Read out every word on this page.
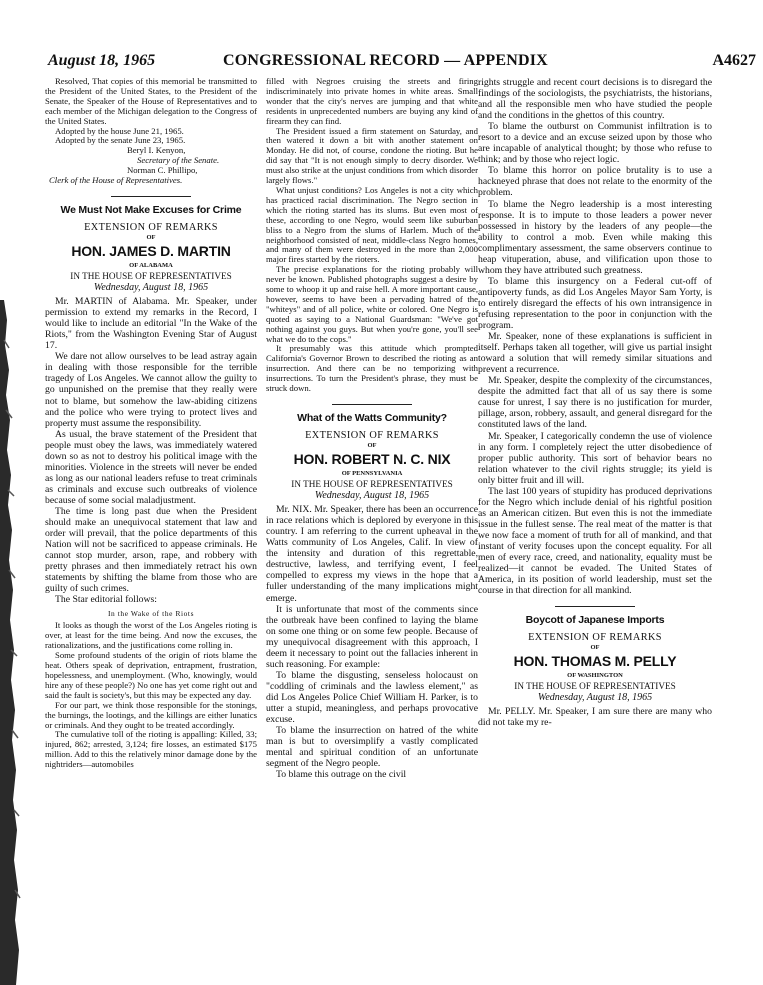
August 18, 1965	CONGRESSIONAL RECORD — APPENDIX	A4627

Resolved, That copies of this memorial be transmitted to the President of the United States, to the President of the Senate, the Speaker of the House of Representatives and to each member of the Michigan delegation to the Congress of the United States.

Adopted by the house June 21, 1965.

Adopted by the senate June 23, 1965.

Beryl I. Kenyon,

Secretary of the Senate.

Norman C. Phillipo,

Clerk of the House of Representatives.

We Must Not Make Excuses for Crime
EXTENSION OF REMARKS
OF
HON. JAMES D. MARTIN
OF ALABAMA
IN THE HOUSE OF REPRESENTATIVES
Wednesday, August 18, 1965

Mr. MARTIN of Alabama. Mr. Speaker, under permission to extend my remarks in the Record, I would like to include an editorial "In the Wake of the Riots," from the Washington Evening Star of August 17.

We dare not allow ourselves to be lead astray again in dealing with those responsible for the terrible tragedy of Los Angeles. We cannot allow the guilty to go unpunished on the premise that they really were not to blame, but somehow the law-abiding citizens and the police who were trying to protect lives and property must assume the responsibility.

As usual, the brave statement of the President that people must obey the laws, was immediately watered down so as not to destroy his political image with the minorities. Violence in the streets will never be ended as long as our national leaders refuse to treat criminals as criminals and excuse such outbreaks of violence because of some social maladjustment.

The time is long past due when the President should make an unequivocal statement that law and order will prevail, that the police departments of this Nation will not be sacrificed to appease criminals. He cannot stop murder, arson, rape, and robbery with pretty phrases and then immediately retract his own statements by shifting the blame from those who are guilty of such crimes.

The Star editorial follows:

In the Wake of the Riots

It looks as though the worst of the Los Angeles rioting is over, at least for the time being. And now the excuses, the rationalizations, and the justifications come rolling in.

Some profound students of the origin of riots blame the heat. Others speak of deprivation, entrapment, frustration, hopelessness, and unemployment. (Who, knowingly, would hire any of these people?) No one has yet come right out and said the fault is society's, but this may be expected any day.

For our part, we think those responsible for the stonings, the burnings, the lootings, and the killings are either lunatics or criminals. And they ought to be treated accordingly.

The cumulative toll of the rioting is appalling: Killed, 33; injured, 862; arrested, 3,124; fire losses, an estimated $175 million. Add to this the relatively minor damage done by the nightriders—automobiles

filled with Negroes cruising the streets and firing indiscriminately into private homes in white areas. Small wonder that the city's nerves are jumping and that white residents in unprecedented numbers are buying any kind of firearm they can find.

The President issued a firm statement on Saturday, and then watered it down a bit with another statement on Monday. He did not, of course, condone the rioting. But he did say that "It is not enough simply to decry disorder. We must also strike at the unjust conditions from which disorder largely flows."

What unjust conditions? Los Angeles is not a city which has practiced racial discrimination. The Negro section in which the rioting started has its slums. But even most of these, according to one Negro, would seem like suburban bliss to a Negro from the slums of Harlem. Much of the neighborhood consisted of neat, middle-class Negro homes, and many of them were destroyed in the more than 2,000 major fires started by the rioters.

The precise explanations for the rioting probably will never be known. Published photographs suggest a desire by some to whoop it up and raise hell. A more important cause, however, seems to have been a pervading hatred of the "whiteys" and of all police, white or colored. One Negro is quoted as saying to a National Guardsman: "We've got nothing against you guys. But when you're gone, you'll see what we do to the cops."

It presumably was this attitude which prompted California's Governor Brown to described the rioting as an insurrection. And there can be no temporizing with insurrections. To turn the President's phrase, they must be struck down.

What of the Watts Community?
EXTENSION OF REMARKS
OF
HON. ROBERT N. C. NIX
OF PENNSYLVANIA
IN THE HOUSE OF REPRESENTATIVES
Wednesday, August 18, 1965

Mr. NIX. Mr. Speaker, there has been an occurrence in race relations which is deplored by everyone in this country. I am referring to the current upheaval in the Watts community of Los Angeles, Calif. In view of the intensity and duration of this regrettable, destructive, lawless, and terrifying event, I feel compelled to express my views in the hope that a fuller understanding of the many implications might emerge.

It is unfortunate that most of the comments since the outbreak have been confined to laying the blame on some one thing or on some few people. Because of my unequivocal disagreement with this approach, I deem it necessary to point out the fallacies inherent in such reasoning. For example:

To blame the disgusting, senseless holocaust on "coddling of criminals and the lawless element," as did Los Angeles Police Chief William H. Parker, is to utter a stupid, meaningless, and perhaps provocative excuse.

To blame the insurrection on hatred of the white man is but to oversimplify a vastly complicated mental and spiritual condition of an unfortunate segment of the Negro people.

To blame this outrage on the civil

rights struggle and recent court decisions is to disregard the findings of the sociologists, the psychiatrists, the historians, and all the responsible men who have studied the people and the conditions in the ghettos of this country.

To blame the outburst on Communist infiltration is to resort to a device and an excuse seized upon by those who are incapable of analytical thought; by those who refuse to think; and by those who reject logic.

To blame this horror on police brutality is to use a hackneyed phrase that does not relate to the enormity of the problem.

To blame the Negro leadership is a most interesting response. It is to impute to those leaders a power never possessed in history by the leaders of any people—the ability to control a mob. Even while making this complimentary assessment, the same observers continue to heap vituperation, abuse, and vilification upon those to whom they have attributed such greatness.

To blame this insurgency on a Federal cut-off of antipoverty funds, as did Los Angeles Mayor Sam Yorty, is to entirely disregard the effects of his own intransigence in refusing representation to the poor in conjunction with the program.

Mr. Speaker, none of these explanations is sufficient in itself. Perhaps taken all together, will give us partial insight toward a solution that will remedy similar situations and prevent a recurrence.

Mr. Speaker, despite the complexity of the circumstances, despite the admitted fact that all of us say there is some cause for unrest, I say there is no justification for murder, pillage, arson, robbery, assault, and general disregard for the constituted laws of the land.

Mr. Speaker, I categorically condemn the use of violence in any form. I completely reject the utter disobedience of proper public authority. This sort of behavior bears no relation whatever to the civil rights struggle; its yield is only bitter fruit and ill will.

The last 100 years of stupidity has produced deprivations for the Negro which include denial of his rightful position as an American citizen. But even this is not the immediate issue in the fullest sense. The real meat of the matter is that we now face a moment of truth for all of mankind, and that instant of verity focuses upon the concept equality. For all men of every race, creed, and nationality, equality must be realized—it cannot be evaded. The United States of America, in its position of world leadership, must set the course in that direction for all mankind.

Boycott of Japanese Imports
EXTENSION OF REMARKS
OF
HON. THOMAS M. PELLY
OF WASHINGTON
IN THE HOUSE OF REPRESENTATIVES
Wednesday, August 18, 1965

Mr. PELLY. Mr. Speaker, I am sure there are many who did not take my re-
